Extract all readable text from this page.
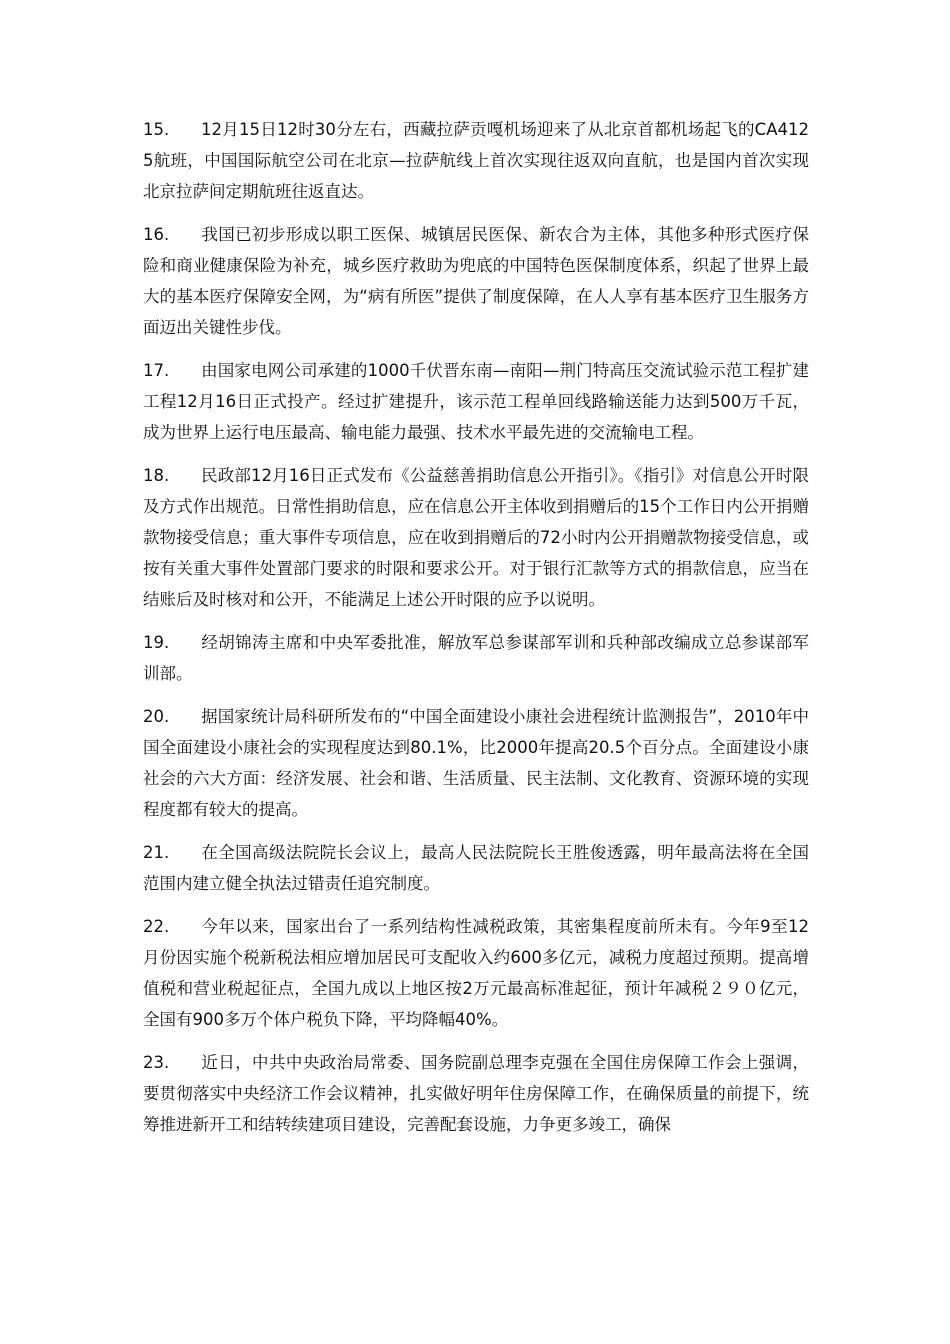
15. 12月15日12时30分左右，西藏拉萨贡嘎机场迎来了从北京首都机场起飞的CA4125航班，中国国际航空公司在北京—拉萨航线上首次实现往返双向直航，也是国内首次实现北京拉萨间定期航班往返直达。

16. 我国已初步形成以职工医保、城镇居民医保、新农合为主体，其他多种形式医疗保险和商业健康保险为补充，城乡医疗救助为兜底的中国特色医保制度体系，织起了世界上最大的基本医疗保障安全网，为“病有所医”提供了制度保障，在人人享有基本医疗卫生服务方面迈出关键性步伐。

17. 由国家电网公司承建的1000千伏晋东南—南阳—荆门特高压交流试验示范工程扩建工程12月16日正式投产。经过扩建提升，该示范工程单回线路输送能力达到500万千瓦，成为世界上运行电压最高、输电能力最强、技术水平最先进的交流输电工程。

18. 民政部12月16日正式发布《公益慈善捐助信息公开指引》。《指引》对信息公开时限及方式作出规范。日常性捐助信息，应在信息公开主体收到捐赠后的15个工作日内公开捐赠款物接受信息；重大事件专项信息，应在收到捐赠后的72小时内公开捐赠款物接受信息，或按有关重大事件处置部门要求的时限和要求公开。对于银行汇款等方式的捐款信息，应当在结账后及时核对和公开，不能满足上述公开时限的应予以说明。

19. 经胡锦涛主席和中央军委批准，解放军总参谋部军训和兵种部改编成立总参谋部军训部。

20. 据国家统计局科研所发布的“中国全面建设小康社会进程统计监测报告”，2010年中国全面建设小康社会的实现程度达到80.1%，比2000年提高20.5个百分点。全面建设小康社会的六大方面：经济发展、社会和谐、生活质量、民主法制、文化教育、资源环境的实现程度都有较大的提高。

21. 在全国高级法院院长会议上，最高人民法院院长王胜俊透露，明年最高法将在全国范围内建立健全执法过错责任追究制度。

22. 今年以来，国家出台了一系列结构性减税政策，其密集程度前所未有。今年9至12月份因实施个税新税法相应增加居民可支配收入约600多亿元，减税力度超过预期。提高增值税和营业税起征点，全国九成以上地区按2万元最高标准起征，预计年减税２９０亿元，全国有900多万个体户税负下降，平均降幅40%。

23. 近日，中共中央政治局常委、国务院副总理李克强在全国住房保障工作会上强调，要贯彻落实中央经济工作会议精神，扎实做好明年住房保障工作，在确保质量的前提下，统筹推进新开工和结转续建项目建设，完善配套设施，力争更多竣工，确保
